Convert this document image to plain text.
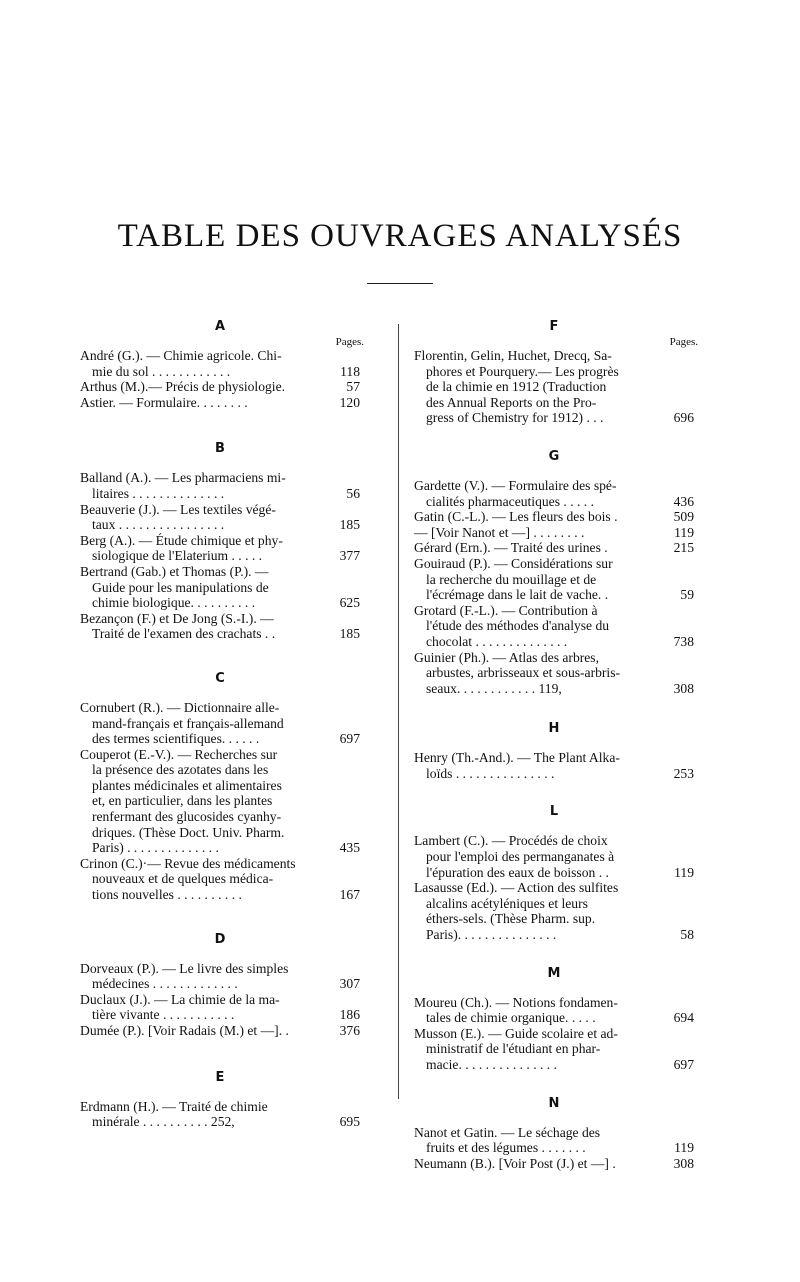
TABLE DES OUVRAGES ANALYSÉS
A
Pages.
André (G.). — Chimie agricole. Chi-
118
mie du sol . . . . . . . . . . . .
57
Arthus (M.).— Précis de physiologie.
120
Astier. — Formulaire. . . . . . . .
B
Balland (A.). — Les pharmaciens mi-
56
litaires . . . . . . . . . . . . . .
Beauverie (J.). — Les textiles végé-
185
taux . . . . . . . . . . . . . . . .
Berg (A.). — Étude chimique et phy-
377
siologique de l'Elaterium . . . . .
Bertrand (Gab.) et Thomas (P.). —
Guide pour les manipulations de
625
chimie biologique. . . . . . . . . .
Bezançon (F.) et De Jong (S.-I.). —
185
Traité de l'examen des crachats . .
C
Cornubert (R.). — Dictionnaire alle-
mand-français et français-allemand
697
des termes scientifiques. . . . . .
Couperot (E.-V.). — Recherches sur
la présence des azotates dans les
plantes médicinales et alimentaires
et, en particulier, dans les plantes
renfermant des glucosides cyanhy-
driques. (Thèse Doct. Univ. Pharm.
435
Paris) . . . . . . . . . . . . . .
Crinon (C.)·— Revue des médicaments
nouveaux et de quelques médica-
167
tions nouvelles . . . . . . . . . .
D
Dorveaux (P.). — Le livre des simples
307
médecines . . . . . . . . . . . . .
Duclaux (J.). — La chimie de la ma-
186
tière vivante . . . . . . . . . . .
376
Dumée (P.). [Voir Radais (M.) et —]. .
E
Erdmann (H.). — Traité de chimie
695
minérale . . . . . . . . . . 252,
F
Pages.
Florentin, Gelin, Huchet, Drecq, Sa-
phores et Pourquery.— Les progrès
de la chimie en 1912 (Traduction
des Annual Reports on the Pro-
696
gress of Chemistry for 1912) . . .
G
Gardette (V.). — Formulaire des spé-
436
cialités pharmaceutiques . . . . .
509
Gatin (C.-L.). — Les fleurs des bois .
119
— [Voir Nanot et —] . . . . . . . .
215
Gérard (Ern.). — Traité des urines .
Gouiraud (P.). — Considérations sur
la recherche du mouillage et de
59
l'écrémage dans le lait de vache. .
Grotard (F.-L.). — Contribution à
l'étude des méthodes d'analyse du
738
chocolat . . . . . . . . . . . . . .
Guinier (Ph.). — Atlas des arbres,
arbustes, arbrisseaux et sous-arbris-
308
seaux. . . . . . . . . . . . 119,
H
Henry (Th.-And.). — The Plant Alka-
253
loïds . . . . . . . . . . . . . . .
L
Lambert (C.). — Procédés de choix
pour l'emploi des permanganates à
119
l'épuration des eaux de boisson . .
Lasausse (Ed.). — Action des sulfites
alcalins acétyléniques et leurs
éthers-sels. (Thèse Pharm. sup.
58
Paris). . . . . . . . . . . . . . .
M
Moureu (Ch.). — Notions fondamen-
694
tales de chimie organique. . . . .
Musson (E.). — Guide scolaire et ad-
ministratif de l'étudiant en phar-
697
macie. . . . . . . . . . . . . . .
N
Nanot et Gatin. — Le séchage des
119
fruits et des légumes . . . . . . .
308
Neumann (B.). [Voir Post (J.) et —] .
